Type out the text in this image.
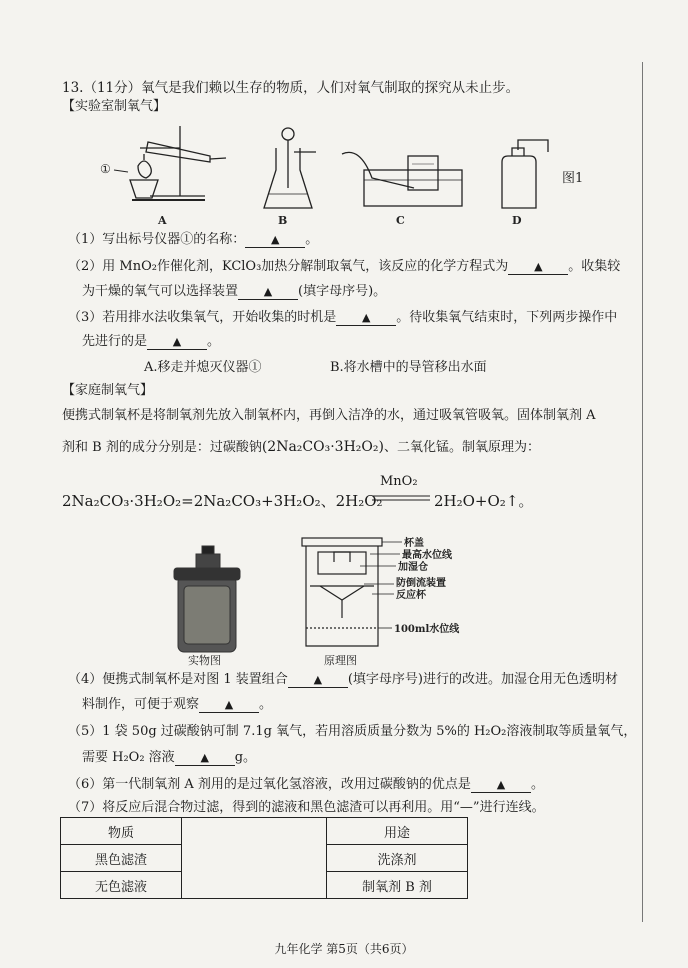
13.（11分）氧气是我们赖以生存的物质，人们对氧气制取的探究从未止步。
【实验室制氧气】
①
A	B	C	D
图1
（1）写出标号仪器①的名称： ▲ 。
（2）用 MnO₂作催化剂，KClO₃加热分解制取氧气，该反应的化学方程式为 ▲ 。收集较
为干燥的氧气可以选择装置 ▲ (填字母序号)。
（3）若用排水法收集氧气，开始收集的时机是 ▲ 。待收集氧气结束时，下列两步操作中
先进行的是 ▲ 。
A.移走并熄灭仪器①	B.将水槽中的导管移出水面
【家庭制氧气】
便携式制氧杯是将制氧剂先放入制氧杯内，再倒入洁净的水，通过吸氧管吸氧。固体制氧剂 A
剂和 B 剂的成分分别是：过碳酸钠(2Na₂CO₃·3H₂O₂)、二氧化锰。制氧原理为：
2Na₂CO₃·3H₂O₂=2Na₂CO₃+3H₂O₂、2H₂O₂
MnO₂
2H₂O+O₂↑。
实物图
杯盖
最高水位线
加湿仓
防倒流装置
反应杯
100ml水位线
原理图
（4）便携式制氧杯是对图 1 装置组合 ▲ (填字母序号)进行的改进。加湿仓用无色透明材
料制作，可便于观察 ▲ 。
（5）1 袋 50g 过碳酸钠可制 7.1g 氧气，若用溶质质量分数为 5%的 H₂O₂溶液制取等质量氧气，
需要 H₂O₂ 溶液 ▲ g。
（6）第一代制氧剂 A 剂用的是过氧化氢溶液，改用过碳酸钠的优点是 ▲ 。
（7）将反应后混合物过滤，得到的滤液和黑色滤渣可以再利用。用“—”进行连线。
物质		用途
黑色滤渣		洗涤剂
无色滤液		制氧剂 B 剂
九年化学 第5页（共6页）
